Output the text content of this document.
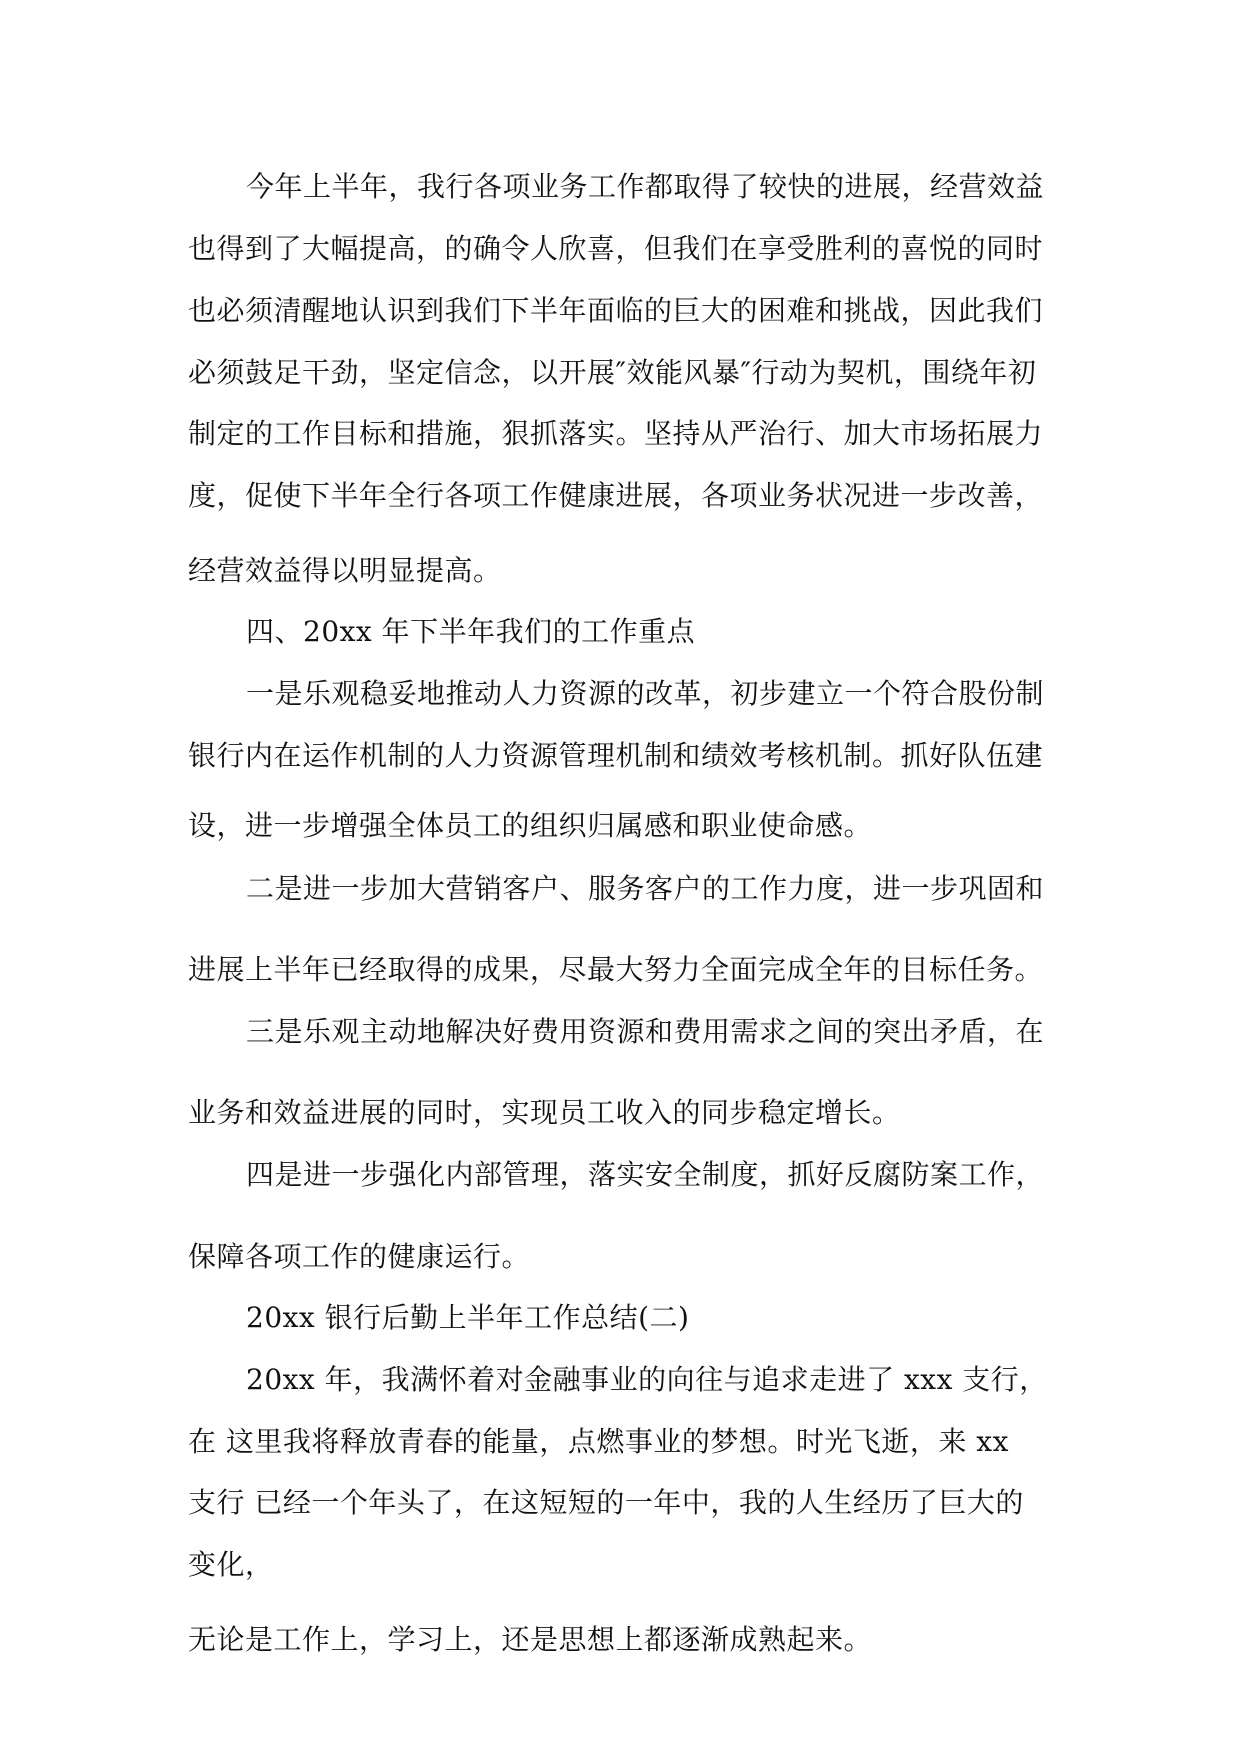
今年上半年，我行各项业务工作都取得了较快的进展，经营效益
也得到了大幅提高，的确令人欣喜，但我们在享受胜利的喜悦的同时
也必须清醒地认识到我们下半年面临的巨大的困难和挑战，因此我们
必须鼓足干劲，坚定信念，以开展″效能风暴″行动为契机，围绕年初
制定的工作目标和措施，狠抓落实。坚持从严治行、加大市场拓展力
度，促使下半年全行各项工作健康进展，各项业务状况进一步改善，
经营效益得以明显提高。
四、20xx 年下半年我们的工作重点
一是乐观稳妥地推动人力资源的改革，初步建立一个符合股份制
银行内在运作机制的人力资源管理机制和绩效考核机制。抓好队伍建
设，进一步增强全体员工的组织归属感和职业使命感。
二是进一步加大营销客户、服务客户的工作力度，进一步巩固和
进展上半年已经取得的成果，尽最大努力全面完成全年的目标任务。
三是乐观主动地解决好费用资源和费用需求之间的突出矛盾，在
业务和效益进展的同时，实现员工收入的同步稳定增长。
四是进一步强化内部管理，落实安全制度，抓好反腐防案工作，
保障各项工作的健康运行。
20xx 银行后勤上半年工作总结(二)
20xx 年，我满怀着对金融事业的向往与追求走进了 xxx 支行，
在 这里我将释放青春的能量，点燃事业的梦想。时光飞逝，来 xx
支行 已经一个年头了，在这短短的一年中，我的人生经历了巨大的
变化，
无论是工作上，学习上，还是思想上都逐渐成熟起来。
